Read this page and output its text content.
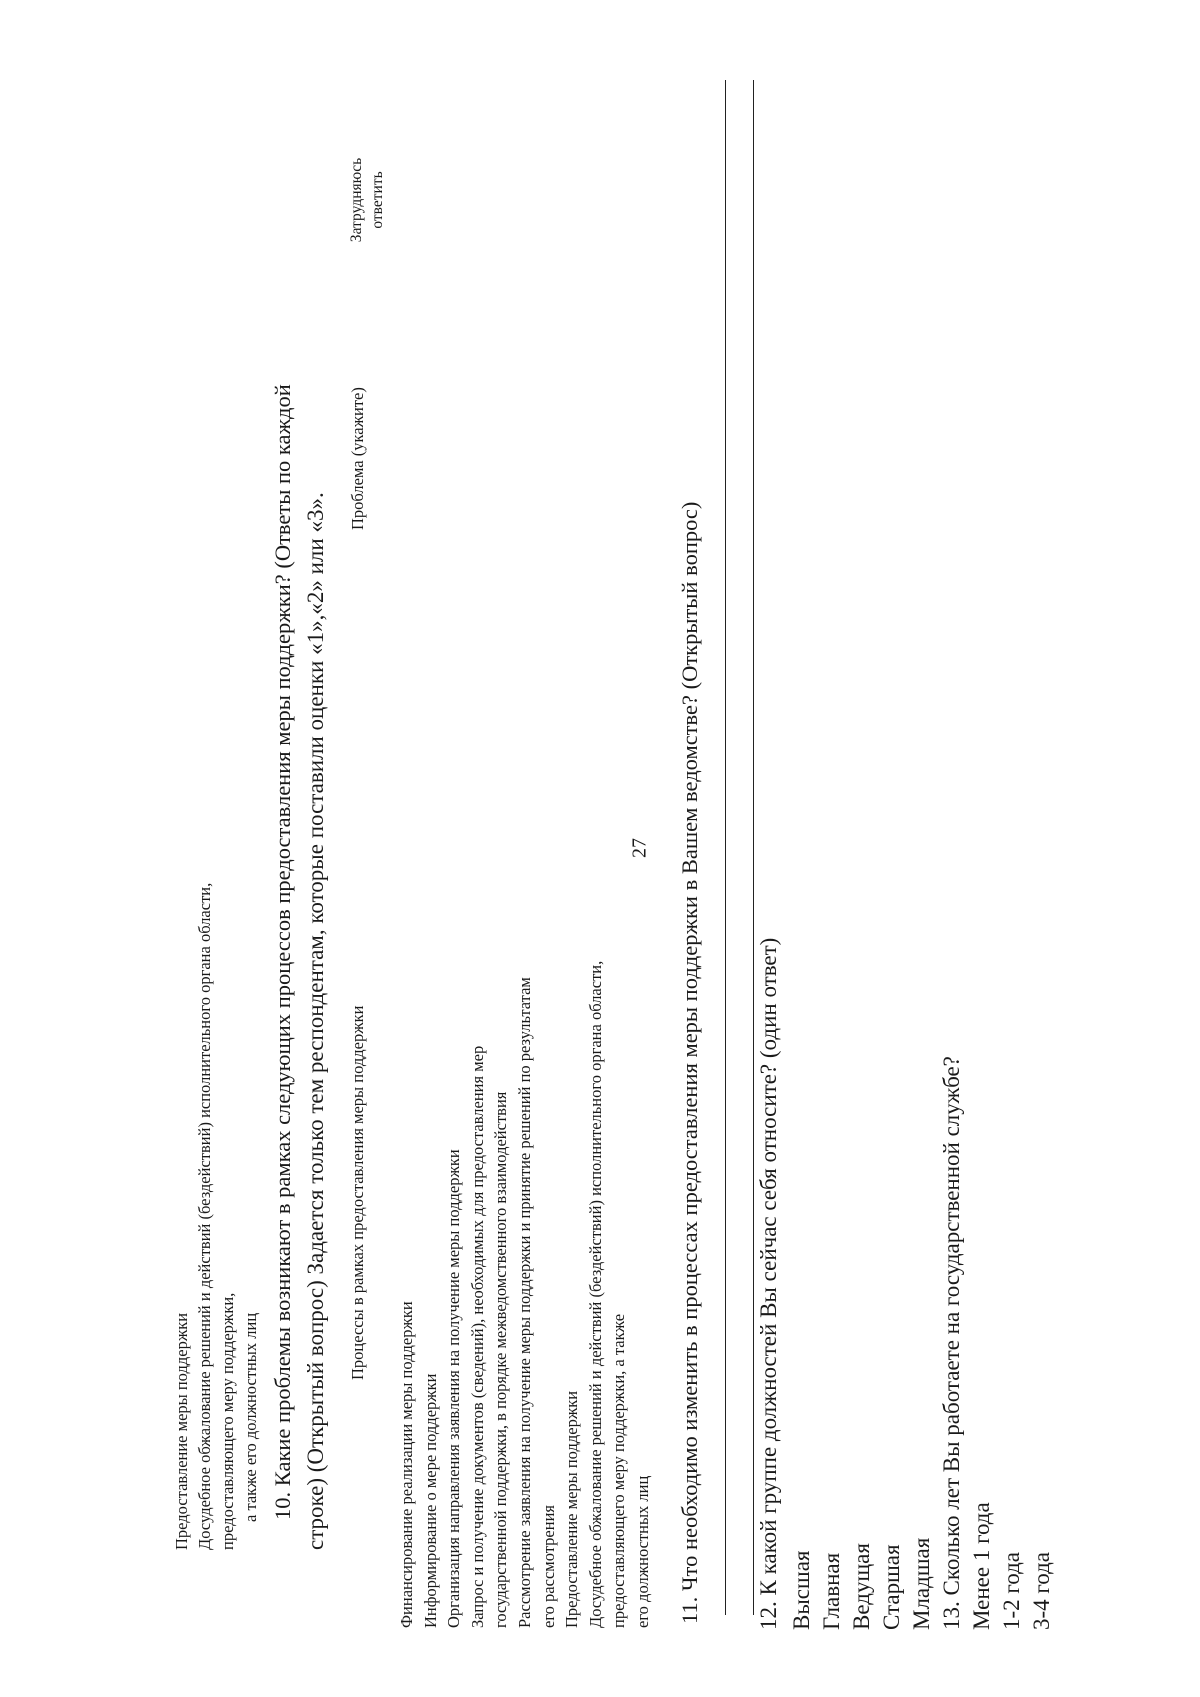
27
Предоставление меры поддержки Досудебное обжалование решений и действий (бездействий) исполнительного органа области, предоставляющего меру поддержки, а также его должностных лиц 10. Какие проблемы возникают в рамках следующих процессов предоставления меры поддержки? (Ответы по каждой строке) (Открытый вопрос) Задается только тем респондентам, которые поставили оценки «1»,«2» или «3». Процессы в рамках предоставления меры поддержки
Проблема (укажите)
Затрудняюсь ответить
Финансирование реализации меры поддержки Информирование о мере поддержки Организация направления заявления на получение меры поддержки Запрос и получение документов (сведений), необходимых для предоставления мер государственной поддержки, в порядке межведомственного взаимодействия Рассмотрение заявления на получение меры поддержки и принятие решений по результатам его рассмотрения Предоставление меры поддержки Досудебное обжалование решений и действий (бездействий) исполнительного органа области, предоставляющего меру поддержки, а также его должностных лиц 11. Что необходимо изменить в процессах предоставления меры поддержки в Вашем ведомстве? (Открытый вопрос) 12. К какой группе должностей Вы сейчас себя относите? (один ответ) Высшая Главная Ведущая Старшая Младшая 13. Сколько лет Вы работаете на государственной службе? Менее 1 года 1-2 года 3-4 года
